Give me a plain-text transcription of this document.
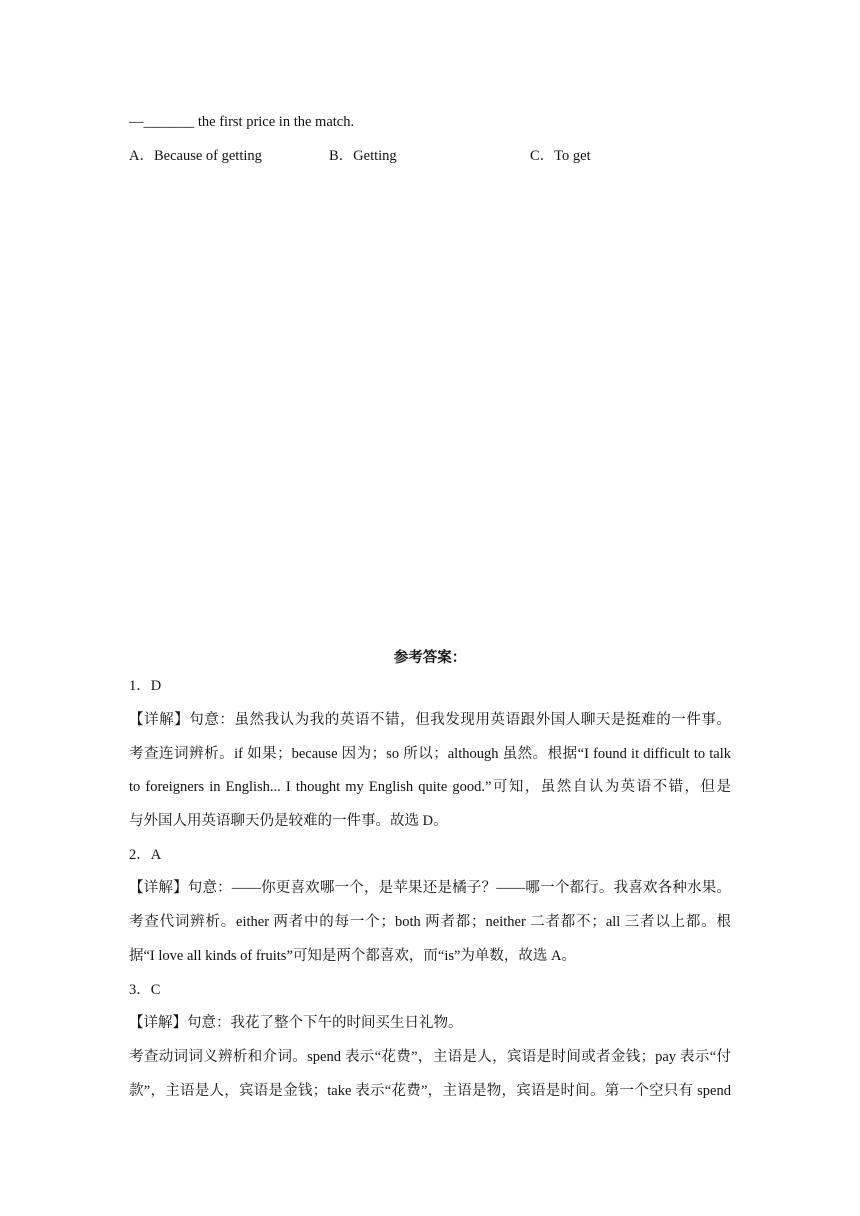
—_______ the first price in the match.
A．Because of getting	B．Getting	C．To get
参考答案：
1．D
【详解】句意：虽然我认为我的英语不错，但我发现用英语跟外国人聊天是挺难的一件事。
考查连词辨析。if 如果；because 因为；so 所以；although 虽然。根据“I found it difficult to talk
to foreigners in English... I thought my English quite good.”可知，虽然自认为英语不错，但是
与外国人用英语聊天仍是较难的一件事。故选 D。
2．A
【详解】句意：——你更喜欢哪一个，是苹果还是橘子？——哪一个都行。我喜欢各种水果。
考查代词辨析。either 两者中的每一个；both 两者都；neither 二者都不；all 三者以上都。根
据“I love all kinds of fruits”可知是两个都喜欢，而“is”为单数，故选 A。
3．C
【详解】句意：我花了整个下午的时间买生日礼物。
考查动词词义辨析和介词。spend 表示“花费”，主语是人，宾语是时间或者金钱；pay 表示“付
款”，主语是人，宾语是金钱；take 表示“花费”，主语是物，宾语是时间。第一个空只有 spend
